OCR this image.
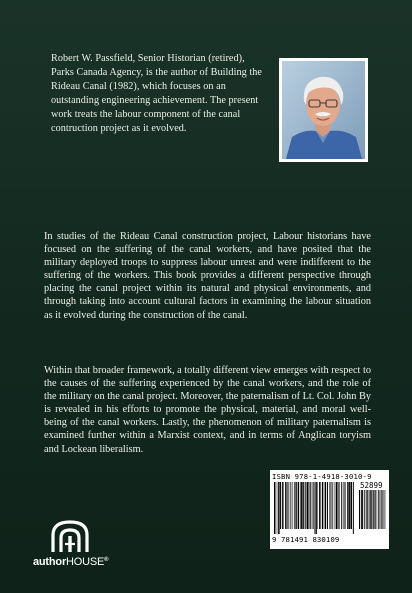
Robert W. Passfield, Senior Historian (retired), Parks Canada Agency, is the author of Building the Rideau Canal (1982), which focuses on an outstanding engineering achievement. The present work treats the labour component of the canal contruction project as it evolved.

In studies of the Rideau Canal construction project, Labour historians have focused on the suffering of the canal workers, and have posited that the military deployed troops to suppress labour unrest and were indifferent to the suffering of the workers. This book provides a different perspective through placing the canal project within its natural and physical environments, and through taking into account cultural factors in examining the labour situation as it evolved during the construction of the canal.

Within that broader framework, a totally different view emerges with respect to the causes of the suffering experienced by the canal workers, and the role of the military on the canal project. Moreover, the paternalism of Lt. Col. John By is revealed in his efforts to promote the physical, material, and moral well-being of the canal workers. Lastly, the phenomenon of military paternalism is examined further within a Marxist context, and in terms of Anglican toryism and Lockean liberalism.

ISBN 978-1-4918-3010-9

52899

9 781491 830109

authorHOUSE®
